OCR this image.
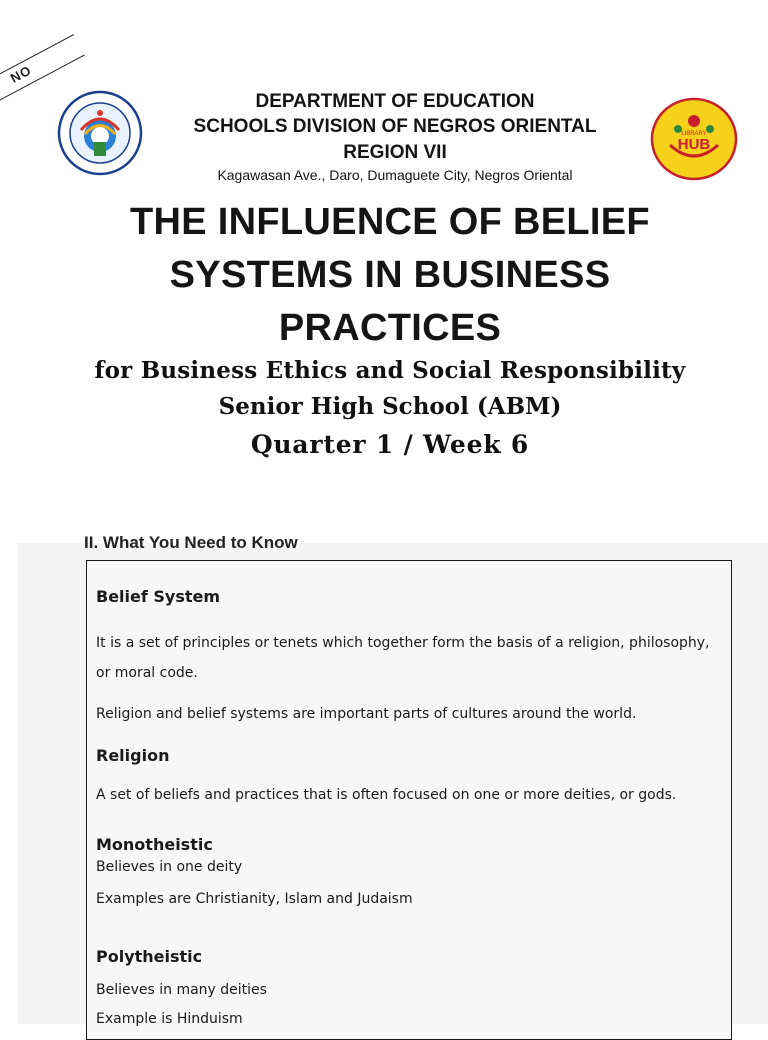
NO
DEPARTMENT OF EDUCATION
SCHOOLS DIVISION OF NEGROS ORIENTAL
REGION VII
Kagawasan Ave., Daro, Dumaguete City, Negros Oriental
LIBRARY
HUB
THE INFLUENCE OF BELIEF
SYSTEMS IN BUSINESS
PRACTICES
for Business Ethics and Social Responsibility
Senior High School (ABM)
Quarter 1 / Week 6
II. What You Need to Know
Belief System
It is a set of principles or tenets which together form the basis of a religion, philosophy, or moral code.
Religion and belief systems are important parts of cultures around the world.
Religion
A set of beliefs and practices that is often focused on one or more deities, or gods.
Monotheistic
Believes in one deity
Examples are Christianity, Islam and Judaism
Polytheistic
Believes in many deities
Example is Hinduism
